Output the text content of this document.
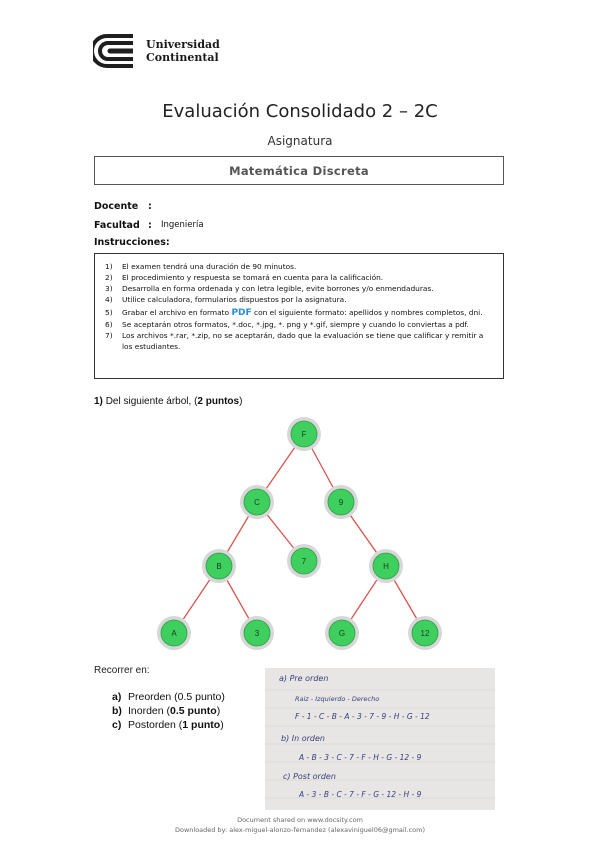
Universidad
Continental
Evaluación Consolidado 2 – 2C
Asignatura
Matemática Discreta
Docente :
Facultad : Ingeniería
Instrucciones:
1) El examen tendrá una duración de 90 minutos.
2) El procedimiento y respuesta se tomará en cuenta para la calificación.
3) Desarrolla en forma ordenada y con letra legible, evite borrones y/o enmendaduras.
4) Utilice calculadora, formularios dispuestos por la asignatura.
5) Grabar el archivo en formato PDF con el siguiente formato: apellidos y nombres completos, dni.
6) Se aceptarán otros formatos, *.doc, *.jpg, *. png y *.gif, siempre y cuando lo conviertas a pdf.
7) Los archivos *.rar, *.zip, no se aceptarán, dado que la evaluación se tiene que calificar y remitir a los estudiantes.
1) Del siguiente árbol, (2 puntos)
F
C	9
B
7
H
A	3	G	12
Recorrer en:
a) Preorden (0.5 punto)
b) Inorden (0.5 punto)
c) Postorden (1 punto)
a) Pre orden
Raiz - Izquierdo - Derecho
F - 1 - C - B - A - 3 - 7 - 9 - H - G - 12
b) In orden
A - B - 3 - C - 7 - F - H - G - 12 - 9
c) Post orden
A - 3 - B - C - 7 - F - G - 12 - H - 9
Document shared on www.docsity.com
Downloaded by: alex-miguel-alonzo-fernandez (alexaviniguel06@gmail.com)
